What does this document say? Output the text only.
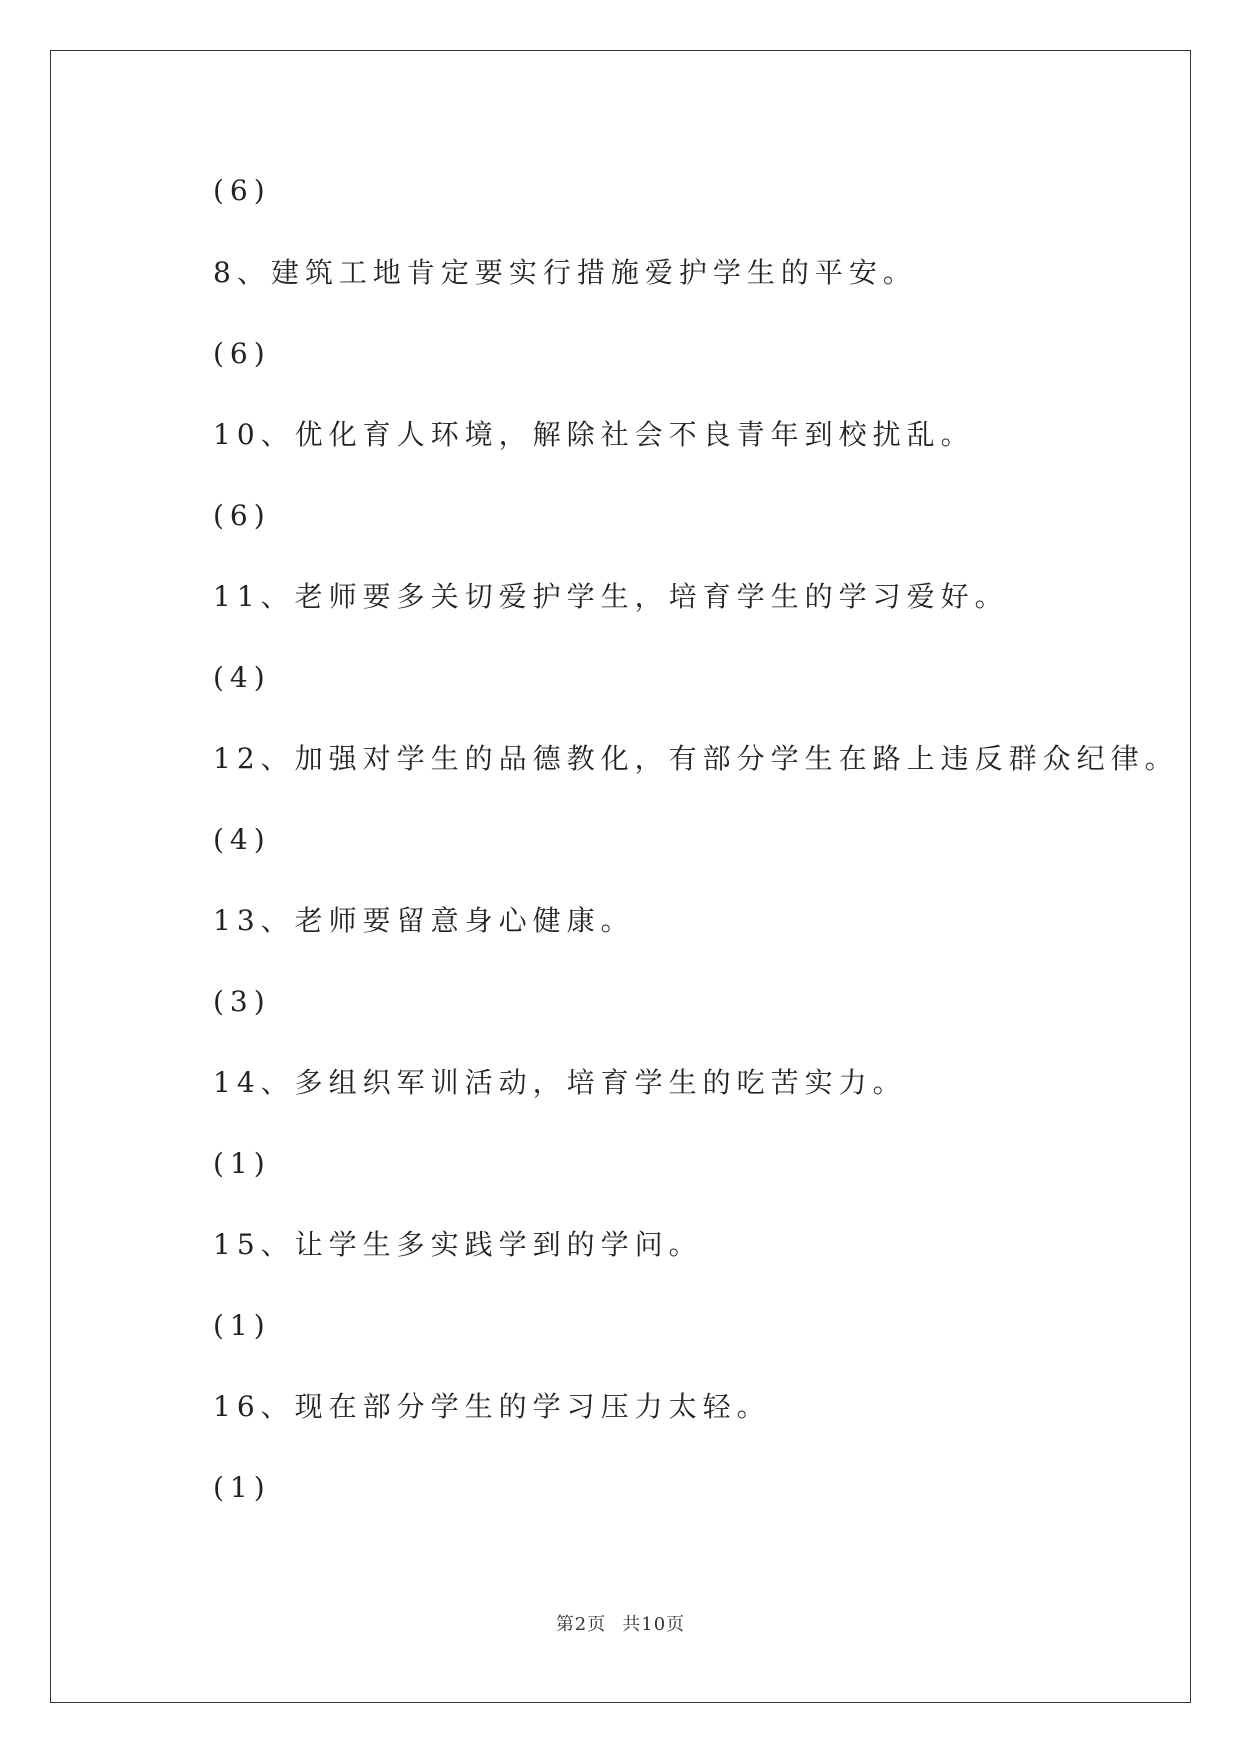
(6)
8、建筑工地肯定要实行措施爱护学生的平安。
(6)
10、优化育人环境，解除社会不良青年到校扰乱。
(6)
11、老师要多关切爱护学生，培育学生的学习爱好。
(4)
12、加强对学生的品德教化，有部分学生在路上违反群众纪律。
(4)
13、老师要留意身心健康。
(3)
14、多组织军训活动，培育学生的吃苦实力。
(1)
15、让学生多实践学到的学问。
(1)
16、现在部分学生的学习压力太轻。
(1)
第2页 共10页
